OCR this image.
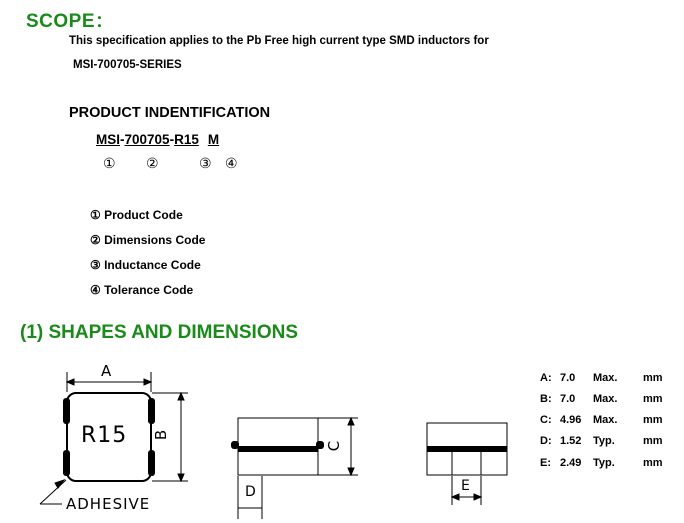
SCOPE：
This specification applies to the Pb Free high current type SMD inductors for
MSI-700705-SERIES
PRODUCT INDENTIFICATION
MSI-700705-R15 M
① ②	③ ④
① Product Code
② Dimensions Code
③ Inductance Code
④ Tolerance Code
(1) SHAPES AND DIMENSIONS
R15
A
B
C
D	E
ADHESIVE
A: 7.0 Max. mm
B: 7.0 Max. mm
C: 4.96 Max. mm
D: 1.52 Typ.	mm
E: 2.49 Typ.	mm
